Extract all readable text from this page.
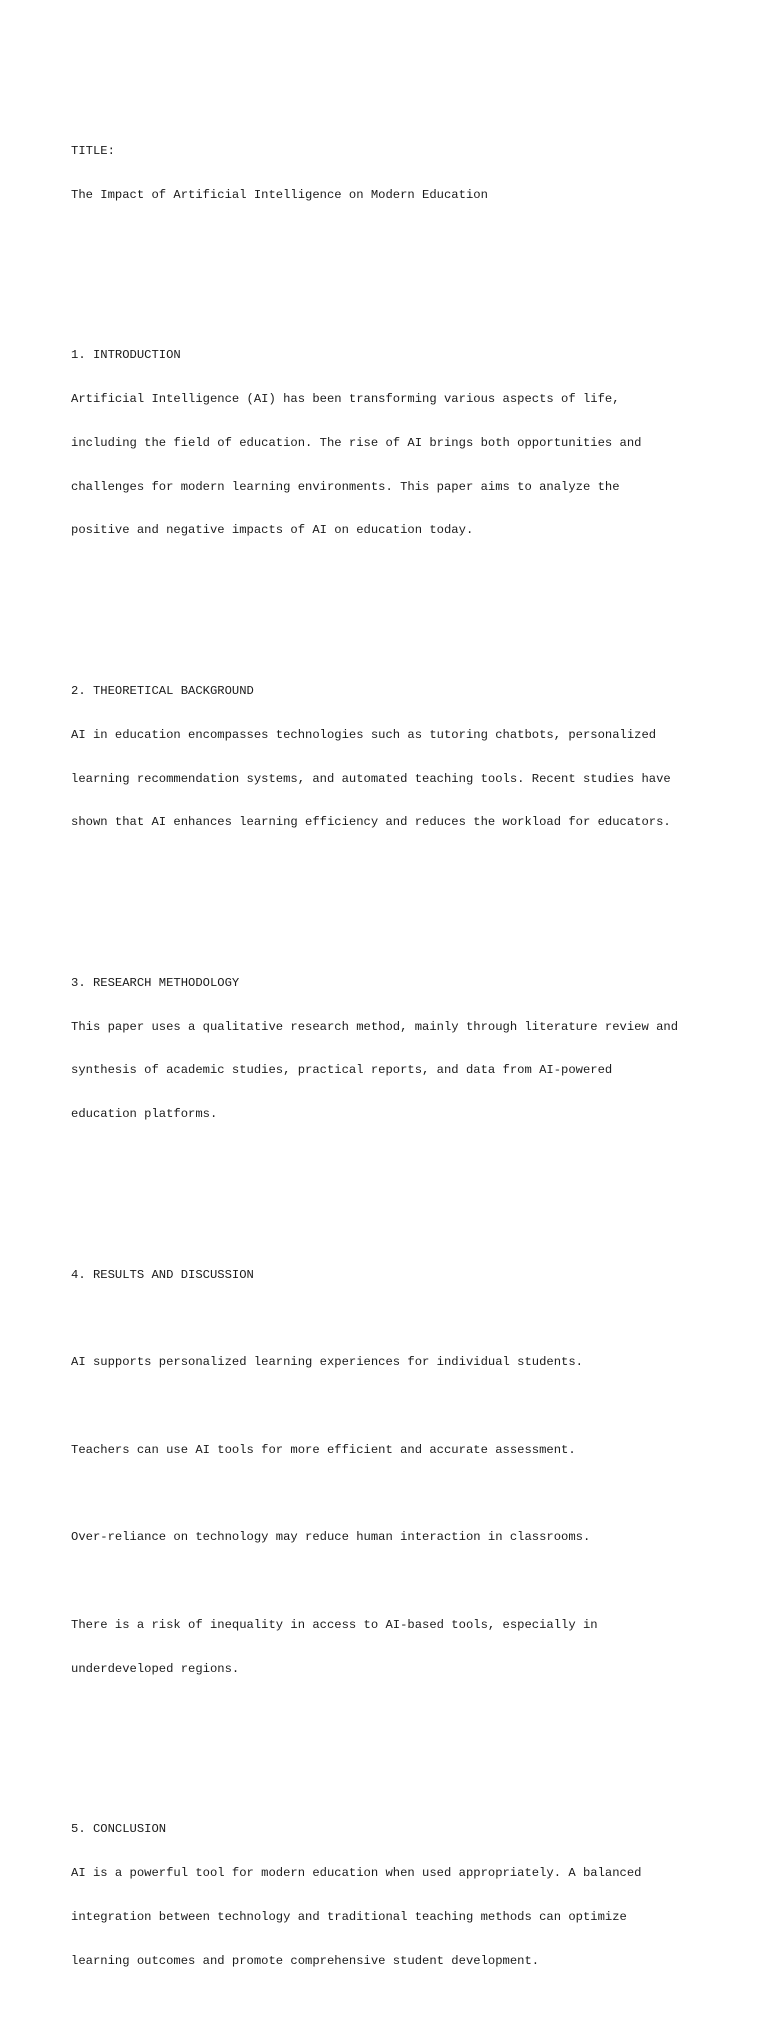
TITLE:

The Impact of Artificial Intelligence on Modern Education

1. INTRODUCTION

Artificial Intelligence (AI) has been transforming various aspects of life,

including the field of education. The rise of AI brings both opportunities and

challenges for modern learning environments. This paper aims to analyze the

positive and negative impacts of AI on education today.

2. THEORETICAL BACKGROUND

AI in education encompasses technologies such as tutoring chatbots, personalized

learning recommendation systems, and automated teaching tools. Recent studies have

shown that AI enhances learning efficiency and reduces the workload for educators.

3. RESEARCH METHODOLOGY

This paper uses a qualitative research method, mainly through literature review and

synthesis of academic studies, practical reports, and data from AI-powered

education platforms.

4. RESULTS AND DISCUSSION

AI supports personalized learning experiences for individual students.

Teachers can use AI tools for more efficient and accurate assessment.

Over-reliance on technology may reduce human interaction in classrooms.

There is a risk of inequality in access to AI-based tools, especially in

underdeveloped regions.

5. CONCLUSION

AI is a powerful tool for modern education when used appropriately. A balanced

integration between technology and traditional teaching methods can optimize

learning outcomes and promote comprehensive student development.
